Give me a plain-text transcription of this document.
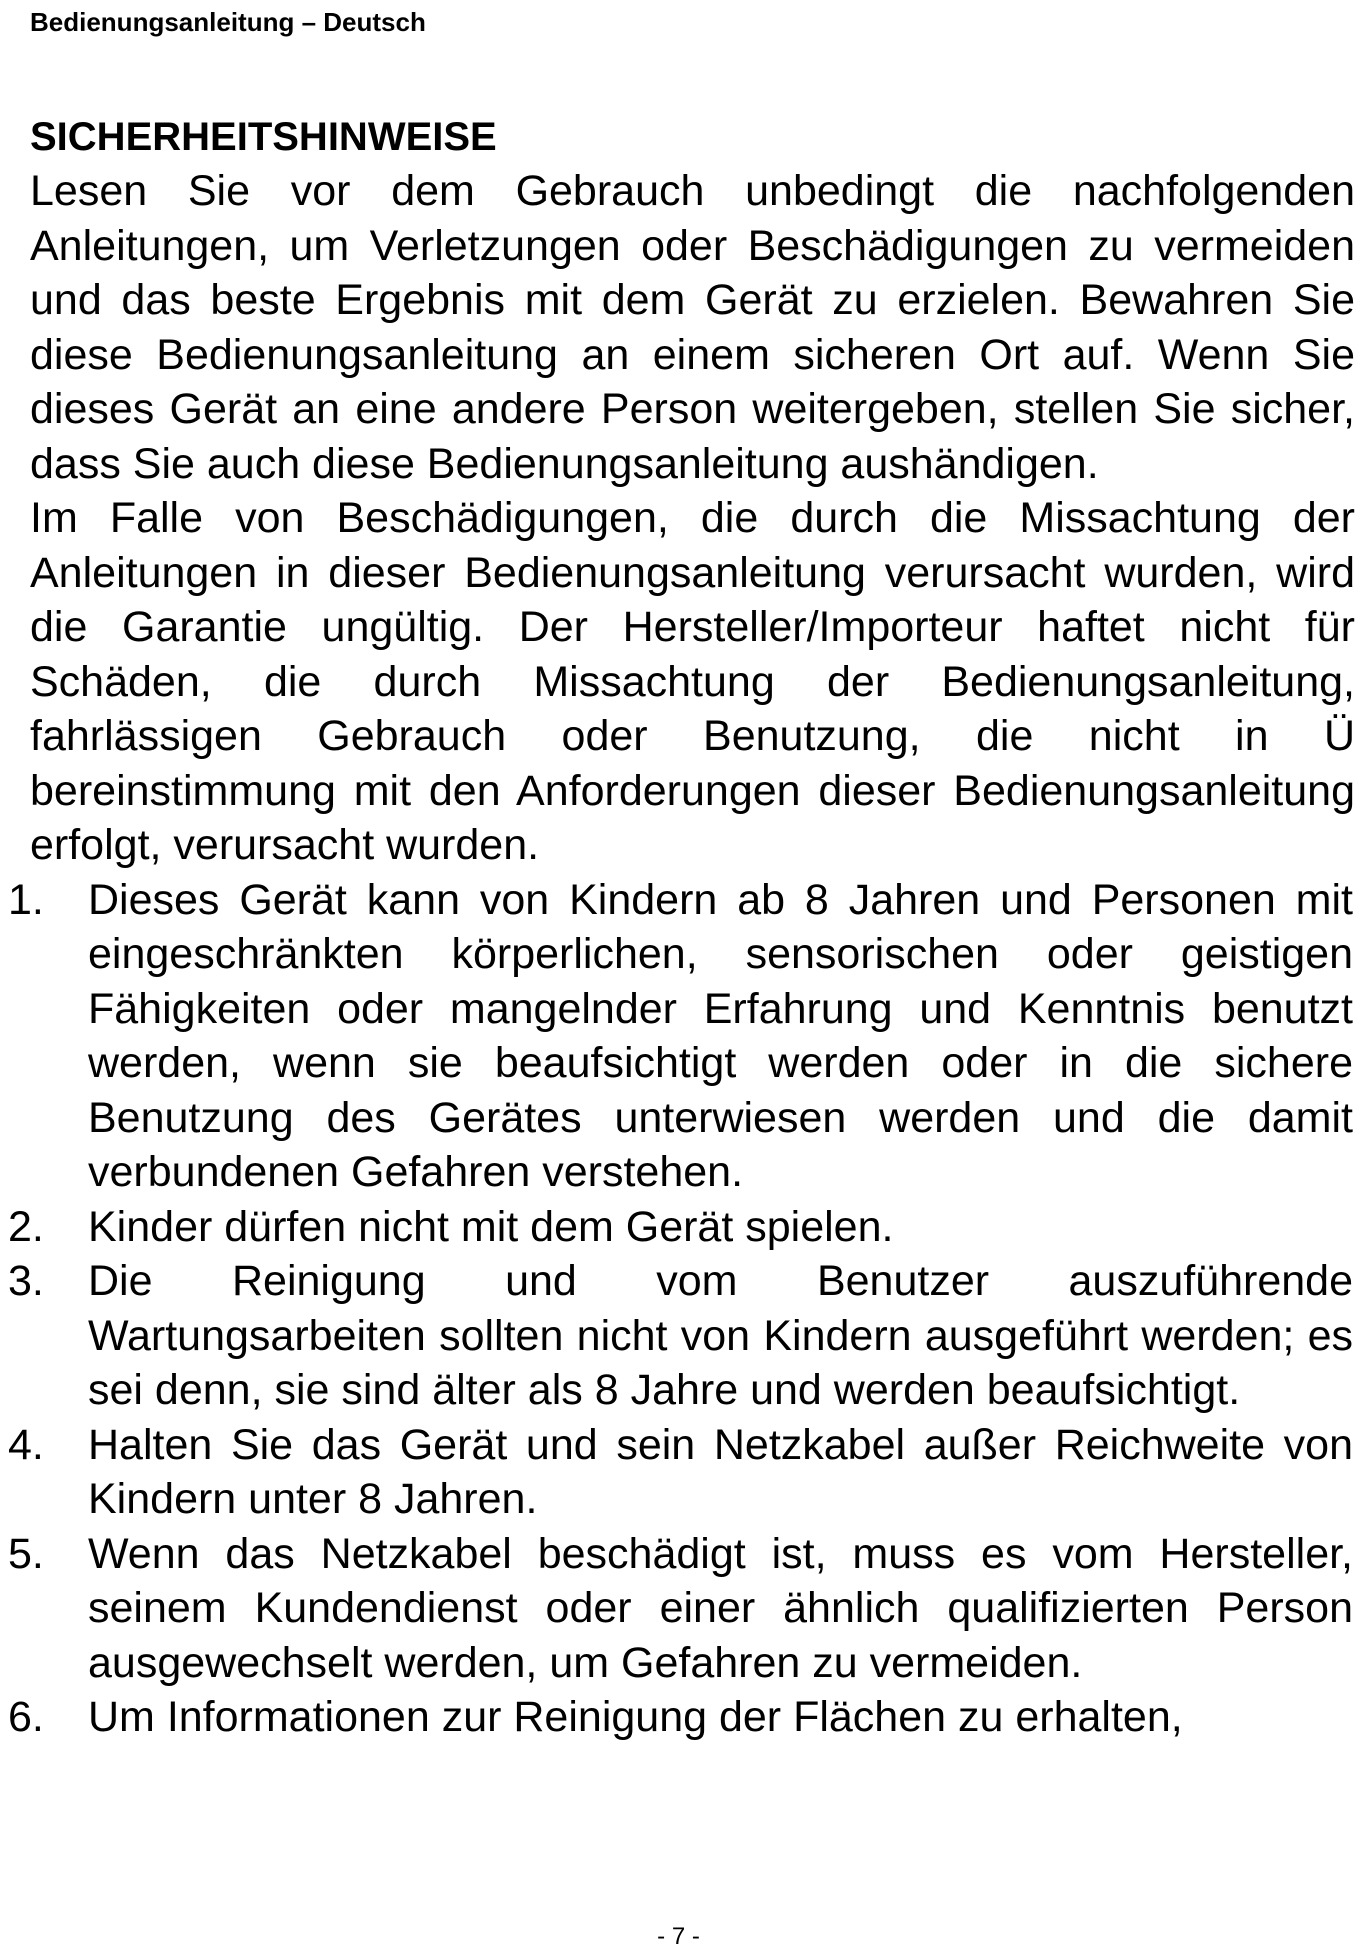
Bedienungsanleitung – Deutsch
SICHERHEITSHINWEISE

Lesen Sie vor dem Gebrauch unbedingt die nachfolgenden Anleitungen, um Verletzungen oder Beschädigungen zu vermeiden und das beste Ergebnis mit dem Gerät zu erzielen. Bewahren Sie diese Bedienungsanleitung an einem sicheren Ort auf. Wenn Sie dieses Gerät an eine andere Person weitergeben, stellen Sie sicher, dass Sie auch diese Bedienungsanleitung aushändigen.

Im Falle von Beschädigungen, die durch die Missachtung der Anleitungen in dieser Bedienungsanleitung verursacht wurden, wird die Garantie ungültig. Der Hersteller/Importeur haftet nicht für Schäden, die durch Missachtung der Bedienungsanleitung, fahrlässigen Gebrauch oder Benutzung, die nicht in Ü bereinstimmung mit den Anforderungen dieser Bedienungsanleitung erfolgt, verursacht wurden.

1.	Dieses Gerät kann von Kindern ab 8 Jahren und Personen mit eingeschränkten körperlichen, sensorischen oder geistigen Fähigkeiten oder mangelnder Erfahrung und Kenntnis benutzt werden, wenn sie beaufsichtigt werden oder in die sichere Benutzung des Gerätes unterwiesen werden und die damit verbundenen Gefahren verstehen.
2.	Kinder dürfen nicht mit dem Gerät spielen.
3.	Die Reinigung und vom Benutzer auszuführende Wartungsarbeiten sollten nicht von Kindern ausgeführt werden; es sei denn, sie sind älter als 8 Jahre und werden beaufsichtigt.
4.	Halten Sie das Gerät und sein Netzkabel außer Reichweite von Kindern unter 8 Jahren.
5.	Wenn das Netzkabel beschädigt ist, muss es vom Hersteller, seinem Kundendienst oder einer ähnlich qualifizierten Person ausgewechselt werden, um Gefahren zu vermeiden.
6.	Um Informationen zur Reinigung der Flächen zu erhalten,
- 7 -
